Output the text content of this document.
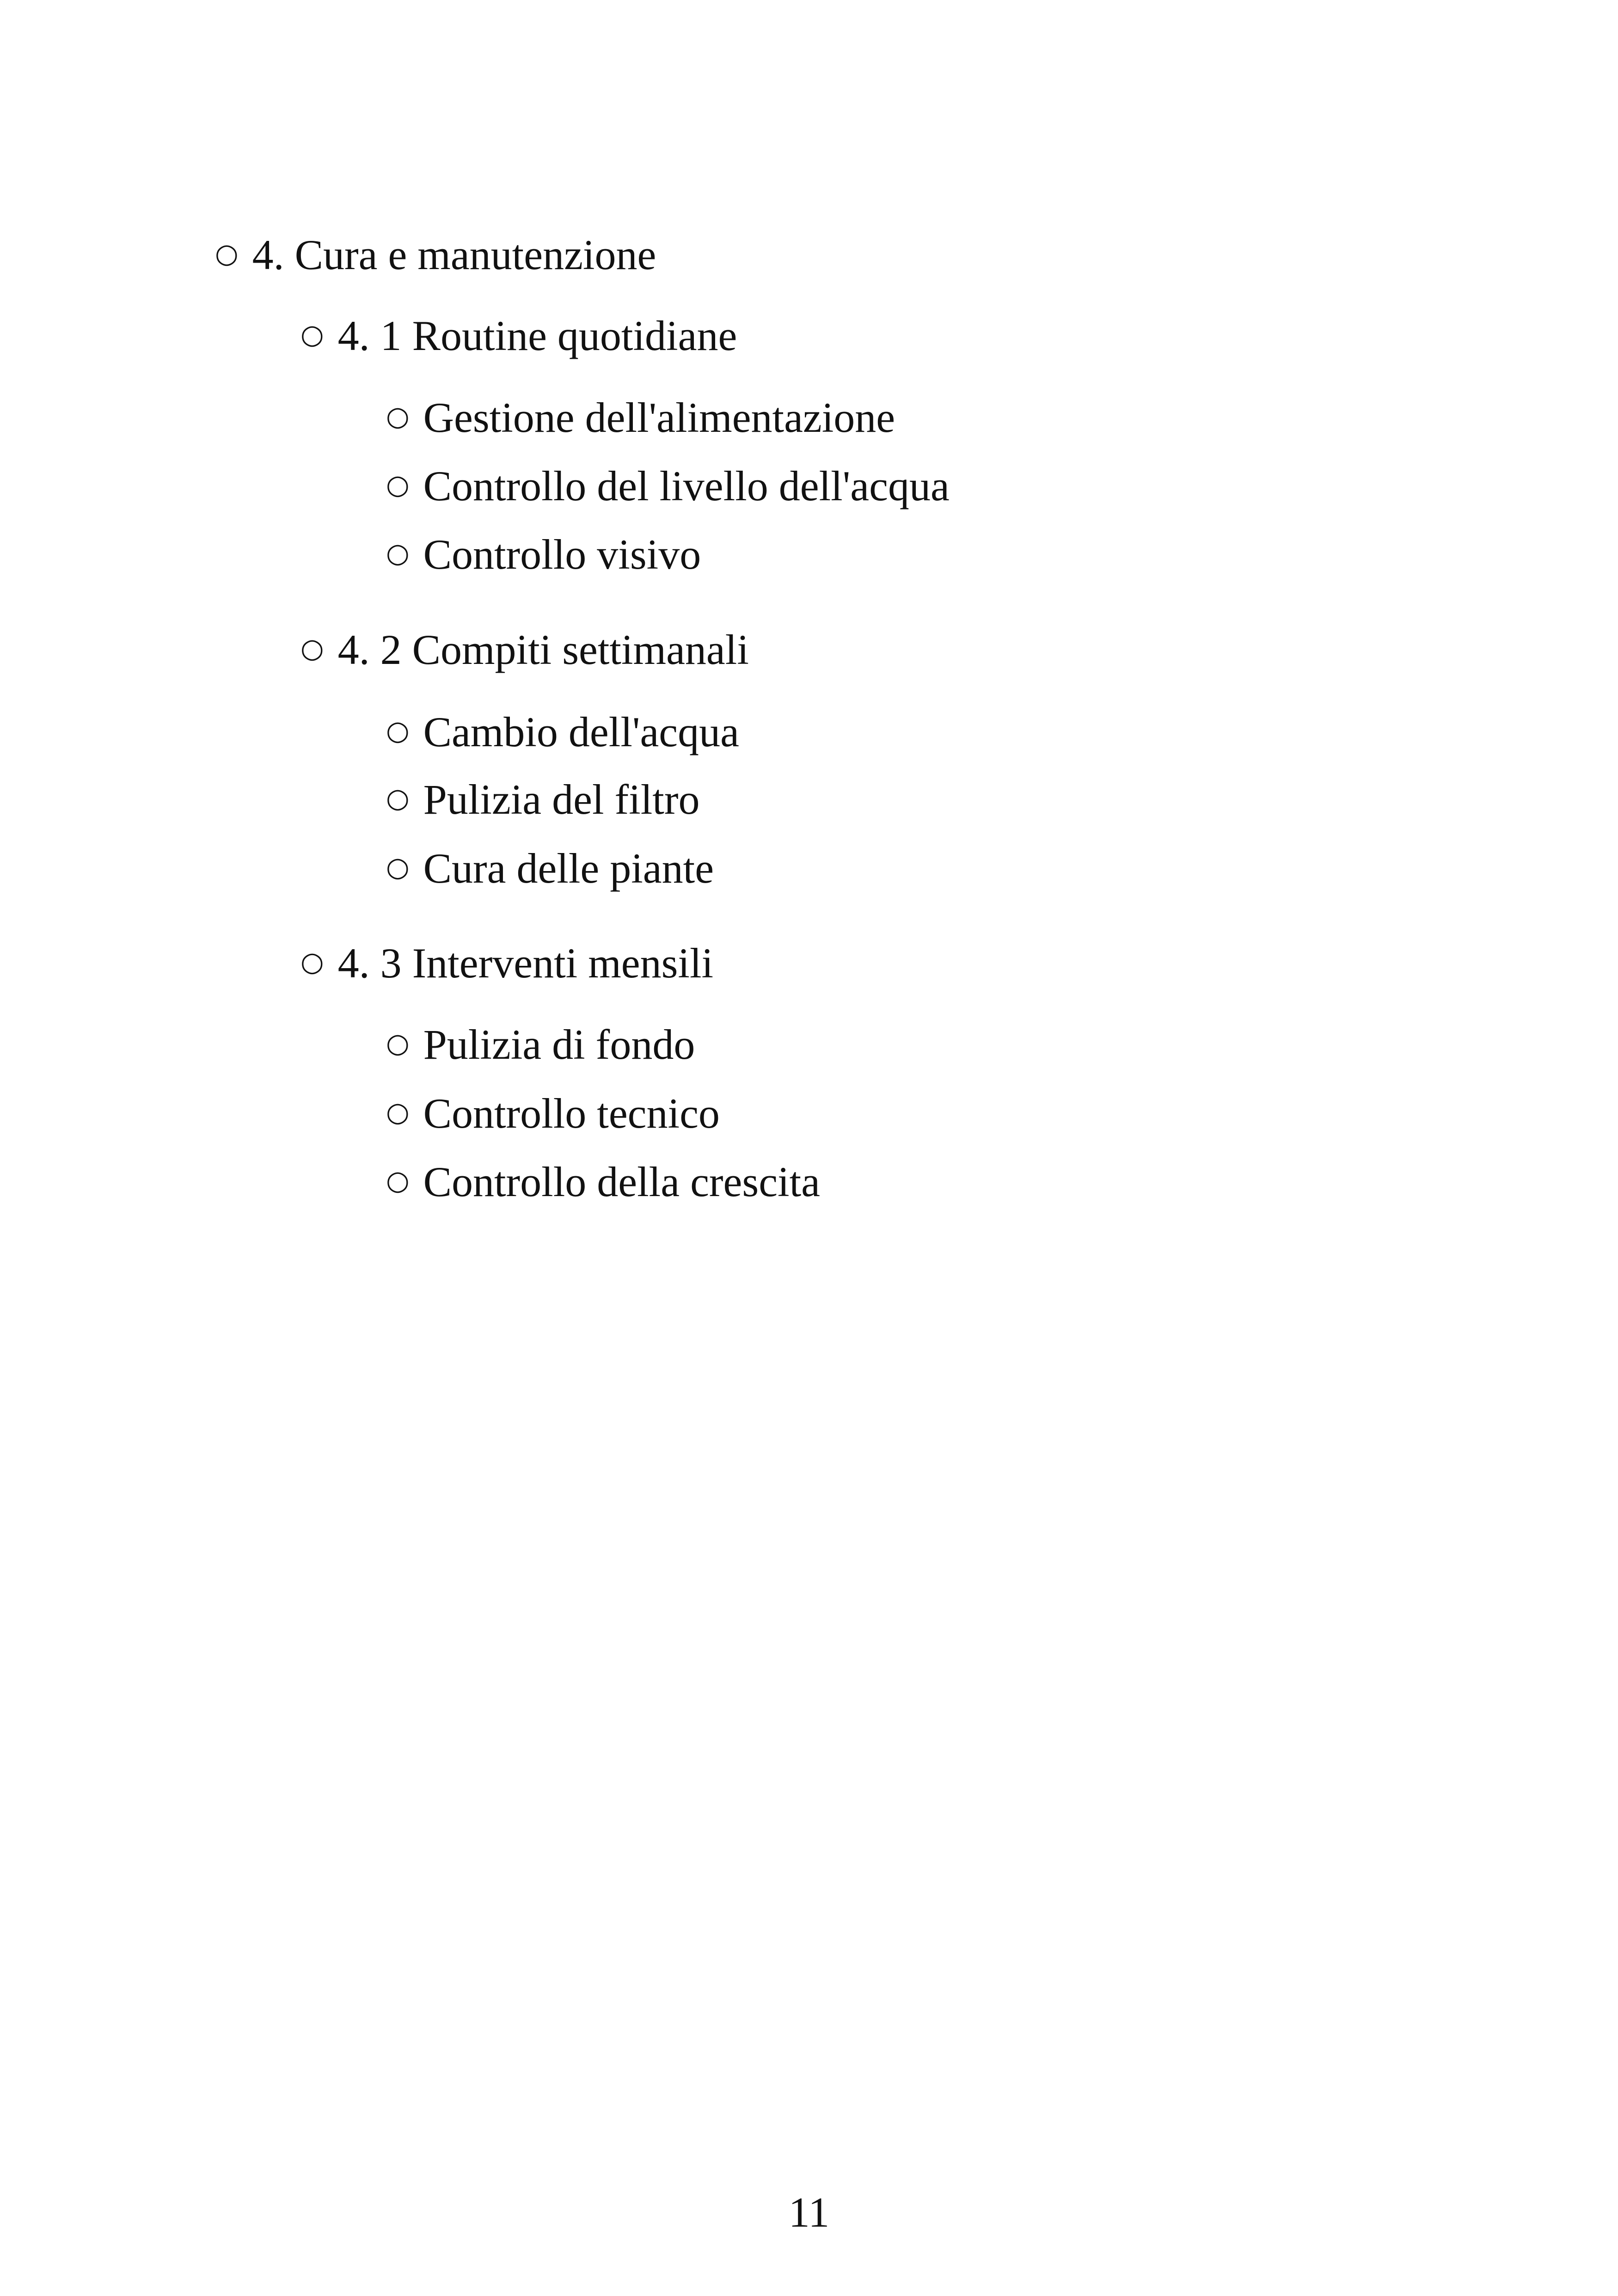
○ 4. Cura e manutenzione
○ 4. 1 Routine quotidiane
○ Gestione dell'alimentazione
○ Controllo del livello dell'acqua
○ Controllo visivo
○ 4. 2 Compiti settimanali
○ Cambio dell'acqua
○ Pulizia del filtro
○ Cura delle piante
○ 4. 3 Interventi mensili
○ Pulizia di fondo
○ Controllo tecnico
○ Controllo della crescita
11
